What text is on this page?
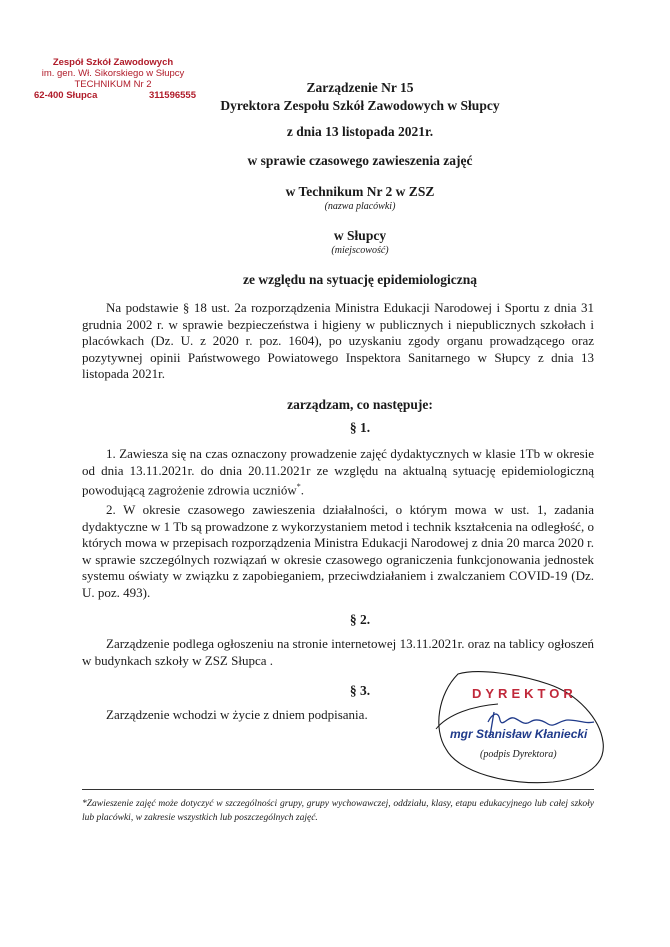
Zespół Szkół Zawodowych
im. gen. Wł. Sikorskiego w Słupcy
TECHNIKUM Nr 2
62-400 Słupca	311596555
Zarządzenie Nr 15
Dyrektora Zespołu Szkół Zawodowych w Słupcy
z dnia 13 listopada 2021r.
w sprawie czasowego zawieszenia zajęć
w Technikum Nr 2 w ZSZ
(nazwa placówki)
w Słupcy
(miejscowość)
ze względu na sytuację epidemiologiczną
Na podstawie § 18 ust. 2a rozporządzenia Ministra Edukacji Narodowej i Sportu z dnia 31 grudnia 2002 r. w sprawie bezpieczeństwa i higieny w publicznych i niepublicznych szkołach i placówkach (Dz. U. z 2020 r. poz. 1604), po uzyskaniu zgody organu prowadzącego oraz pozytywnej opinii Państwowego Powiatowego Inspektora Sanitarnego w Słupcy z dnia 13 listopada 2021r.
zarządzam, co następuje:
§ 1.
1. Zawiesza się na czas oznaczony prowadzenie zajęć dydaktycznych w klasie 1Tb w okresie od dnia 13.11.2021r. do dnia 20.11.2021r ze względu na aktualną sytuację epidemiologiczną powodującą zagrożenie zdrowia uczniów*.
2. W okresie czasowego zawieszenia działalności, o którym mowa w ust. 1, zadania dydaktyczne w 1 Tb są prowadzone z wykorzystaniem metod i technik kształcenia na odległość, o których mowa w przepisach rozporządzenia Ministra Edukacji Narodowej z dnia 20 marca 2020 r. w sprawie szczególnych rozwiązań w okresie czasowego ograniczenia funkcjonowania jednostek systemu oświaty w związku z zapobieganiem, przeciwdziałaniem i zwalczaniem COVID-19 (Dz. U. poz. 493).
§ 2.
Zarządzenie podlega ogłoszeniu na stronie internetowej 13.11.2021r. oraz na tablicy ogłoszeń w budynkach szkoły w ZSZ Słupca .
§ 3.
Zarządzenie wchodzi w życie z dniem podpisania.
DYREKTOR
mgr Stanisław Kłaniecki
(podpis Dyrektora)
*Zawieszenie zajęć może dotyczyć w szczególności grupy, grupy wychowawczej, oddziału, klasy, etapu edukacyjnego lub całej szkoły lub placówki, w zakresie wszystkich lub poszczególnych zajęć.
